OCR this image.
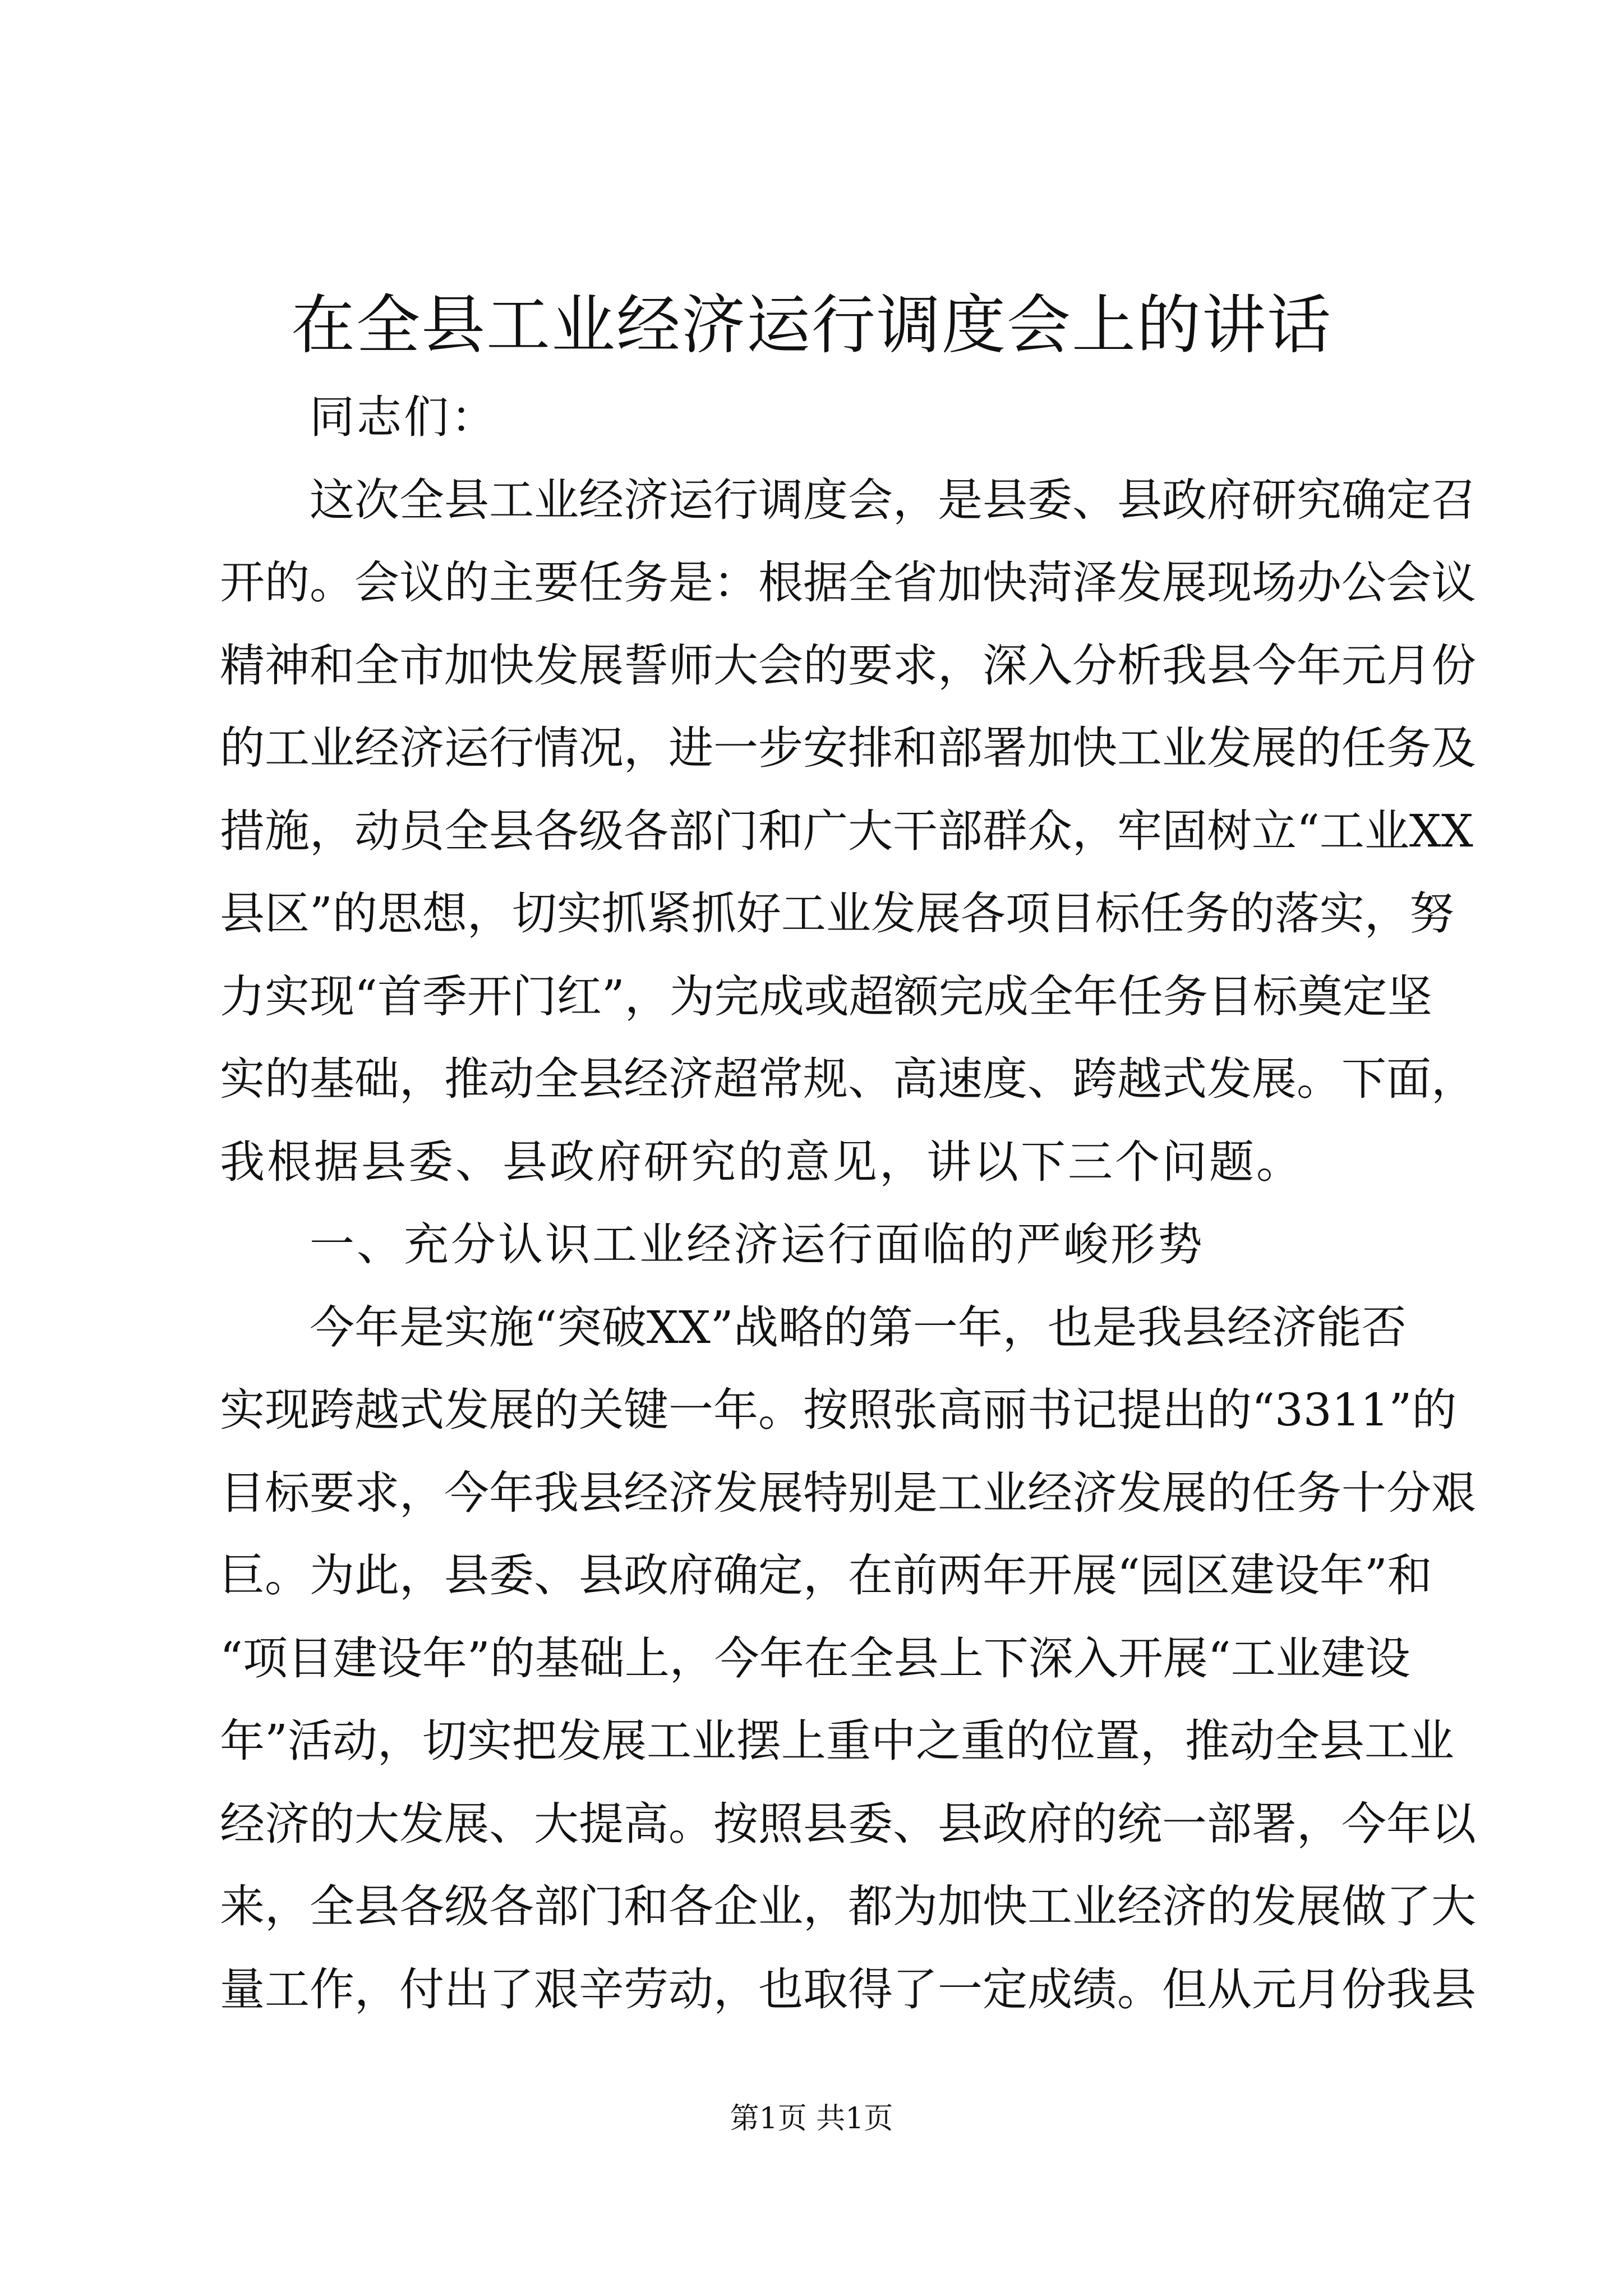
在全县工业经济运行调度会上的讲话
同志们：
这次全县工业经济运行调度会，是县委、县政府研究确定召
开的。会议的主要任务是：根据全省加快菏泽发展现场办公会议
精神和全市加快发展誓师大会的要求，深入分析我县今年元月份
的工业经济运行情况，进一步安排和部署加快工业发展的任务及
措施，动员全县各级各部门和广大干部群众，牢固树立“工业XX
县区”的思想，切实抓紧抓好工业发展各项目标任务的落实，努
力实现“首季开门红”，为完成或超额完成全年任务目标奠定坚
实的基础，推动全县经济超常规、高速度、跨越式发展。下面，
我根据县委、县政府研究的意见，讲以下三个问题。
一、充分认识工业经济运行面临的严峻形势
今年是实施“突破XX”战略的第一年，也是我县经济能否
实现跨越式发展的关键一年。按照张高丽书记提出的“3311”的
目标要求，今年我县经济发展特别是工业经济发展的任务十分艰
巨。为此，县委、县政府确定，在前两年开展“园区建设年”和
“项目建设年”的基础上，今年在全县上下深入开展“工业建设
年”活动，切实把发展工业摆上重中之重的位置，推动全县工业
经济的大发展、大提高。按照县委、县政府的统一部署，今年以
来，全县各级各部门和各企业，都为加快工业经济的发展做了大
量工作，付出了艰辛劳动，也取得了一定成绩。但从元月份我县
第1页 共1页
